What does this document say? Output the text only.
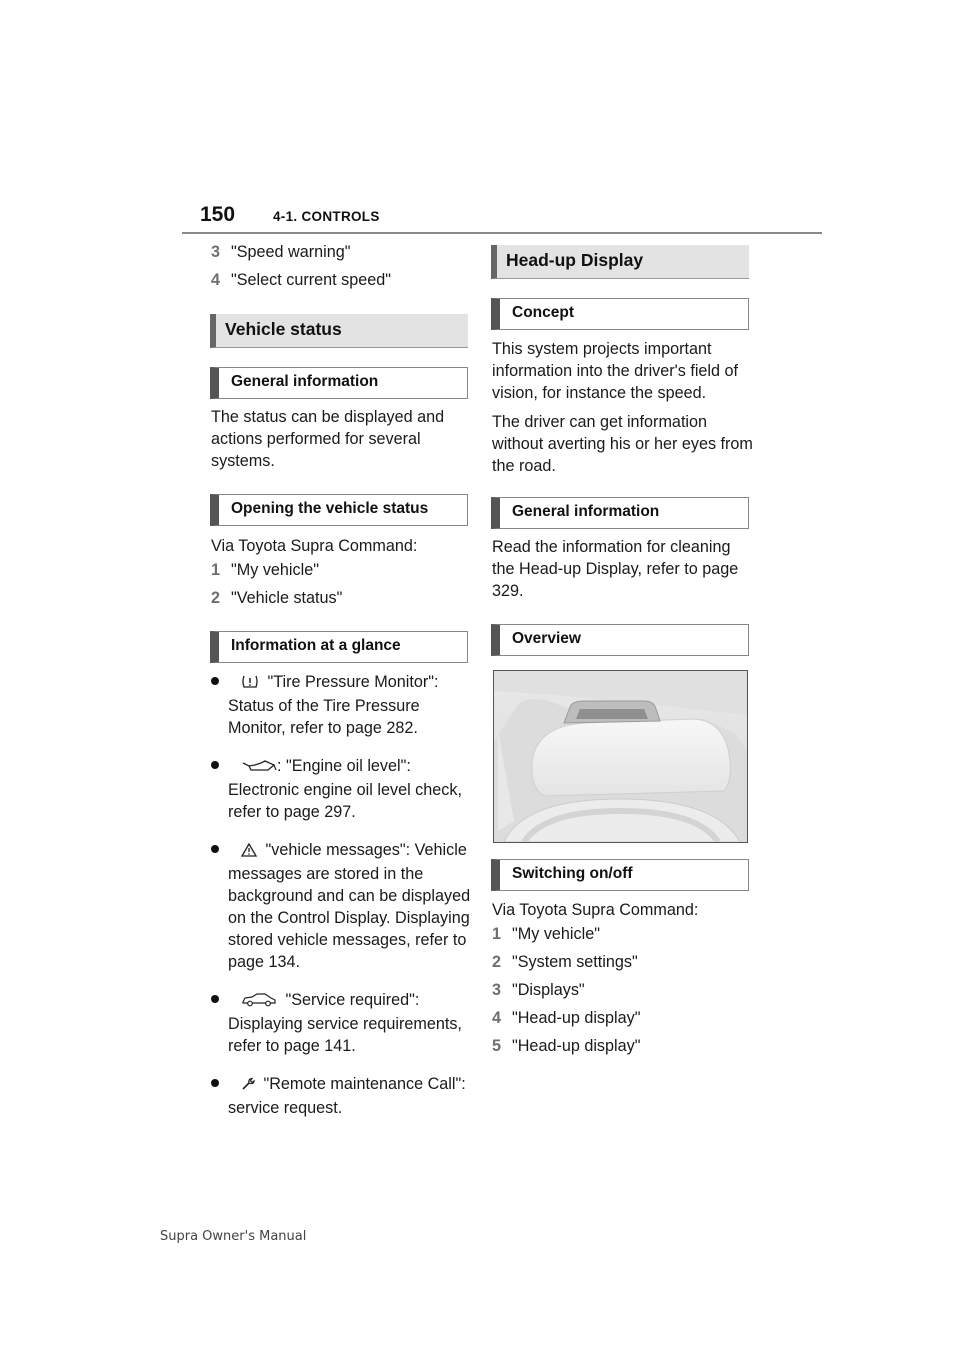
150	4-1. CONTROLS

3 "Speed warning"

4 "Select current speed"

Vehicle status
General information

The status can be displayed and actions performed for several systems.

Opening the vehicle status

Via Toyota Supra Command:

1 "My vehicle"

2 "Vehicle status"

Information at a glance
"Tire Pressure Monitor": Status of the Tire Pressure Monitor, refer to page 282.
: "Engine oil level": Electronic engine oil level check, refer to page 297.
"vehicle messages": Vehicle messages are stored in the background and can be displayed on the Control Display. Displaying stored vehicle messages, refer to page 134.
"Service required": Displaying service requirements, refer to page 141.
"Remote maintenance Call": service request.
Head-up Display
Concept

This system projects important information into the driver's field of vision, for instance the speed.

The driver can get information without averting his or her eyes from the road.

General information

Read the information for cleaning the Head-up Display, refer to page 329.

Overview
Switching on/off

Via Toyota Supra Command:

1 "My vehicle"

2 "System settings"

3 "Displays"

4 "Head-up display"

5 "Head-up display"

Supra Owner's Manual
